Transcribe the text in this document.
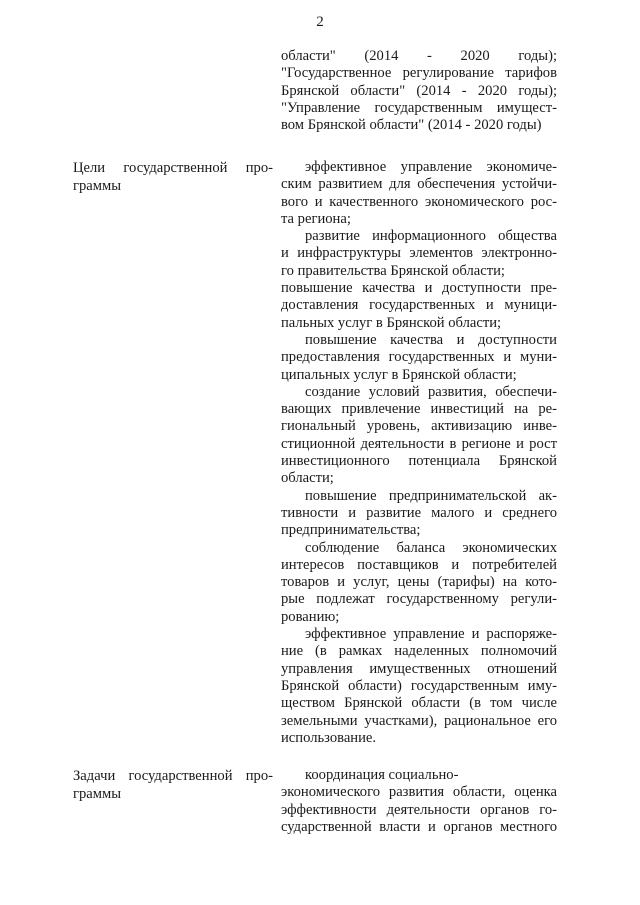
2
области" (2014 - 2020 годы);
"Государственное регулирование тарифов
Брянской области" (2014 - 2020 годы);
"Управление государственным имущест-
вом Брянской области" (2014 - 2020 годы)
Цели государственной про-
граммы
эффективное управление экономиче-
ским развитием для обеспечения устойчи-
вого и качественного экономического рос-
та региона;
развитие информационного общества
и инфраструктуры элементов электронно-
го правительства Брянской области;
повышение качества и доступности пре-
доставления государственных и муници-
пальных услуг в Брянской области;
повышение качества и доступности
предоставления государственных и муни-
ципальных услуг в Брянской области;
создание условий развития, обеспечи-
вающих привлечение инвестиций на ре-
гиональный уровень, активизацию инве-
стиционной деятельности в регионе и рост
инвестиционного потенциала Брянской
области;
повышение предпринимательской ак-
тивности и развитие малого и среднего
предпринимательства;
соблюдение баланса экономических
интересов поставщиков и потребителей
товаров и услуг, цены (тарифы) на кото-
рые подлежат государственному регули-
рованию;
эффективное управление и распоряже-
ние (в рамках наделенных полномочий
управления имущественных отношений
Брянской области) государственным иму-
ществом Брянской области (в том числе
земельными участками), рациональное его
использование.
Задачи государственной про-
граммы
координация социально-
экономического развития области, оценка
эффективности деятельности органов го-
сударственной власти и органов местного
